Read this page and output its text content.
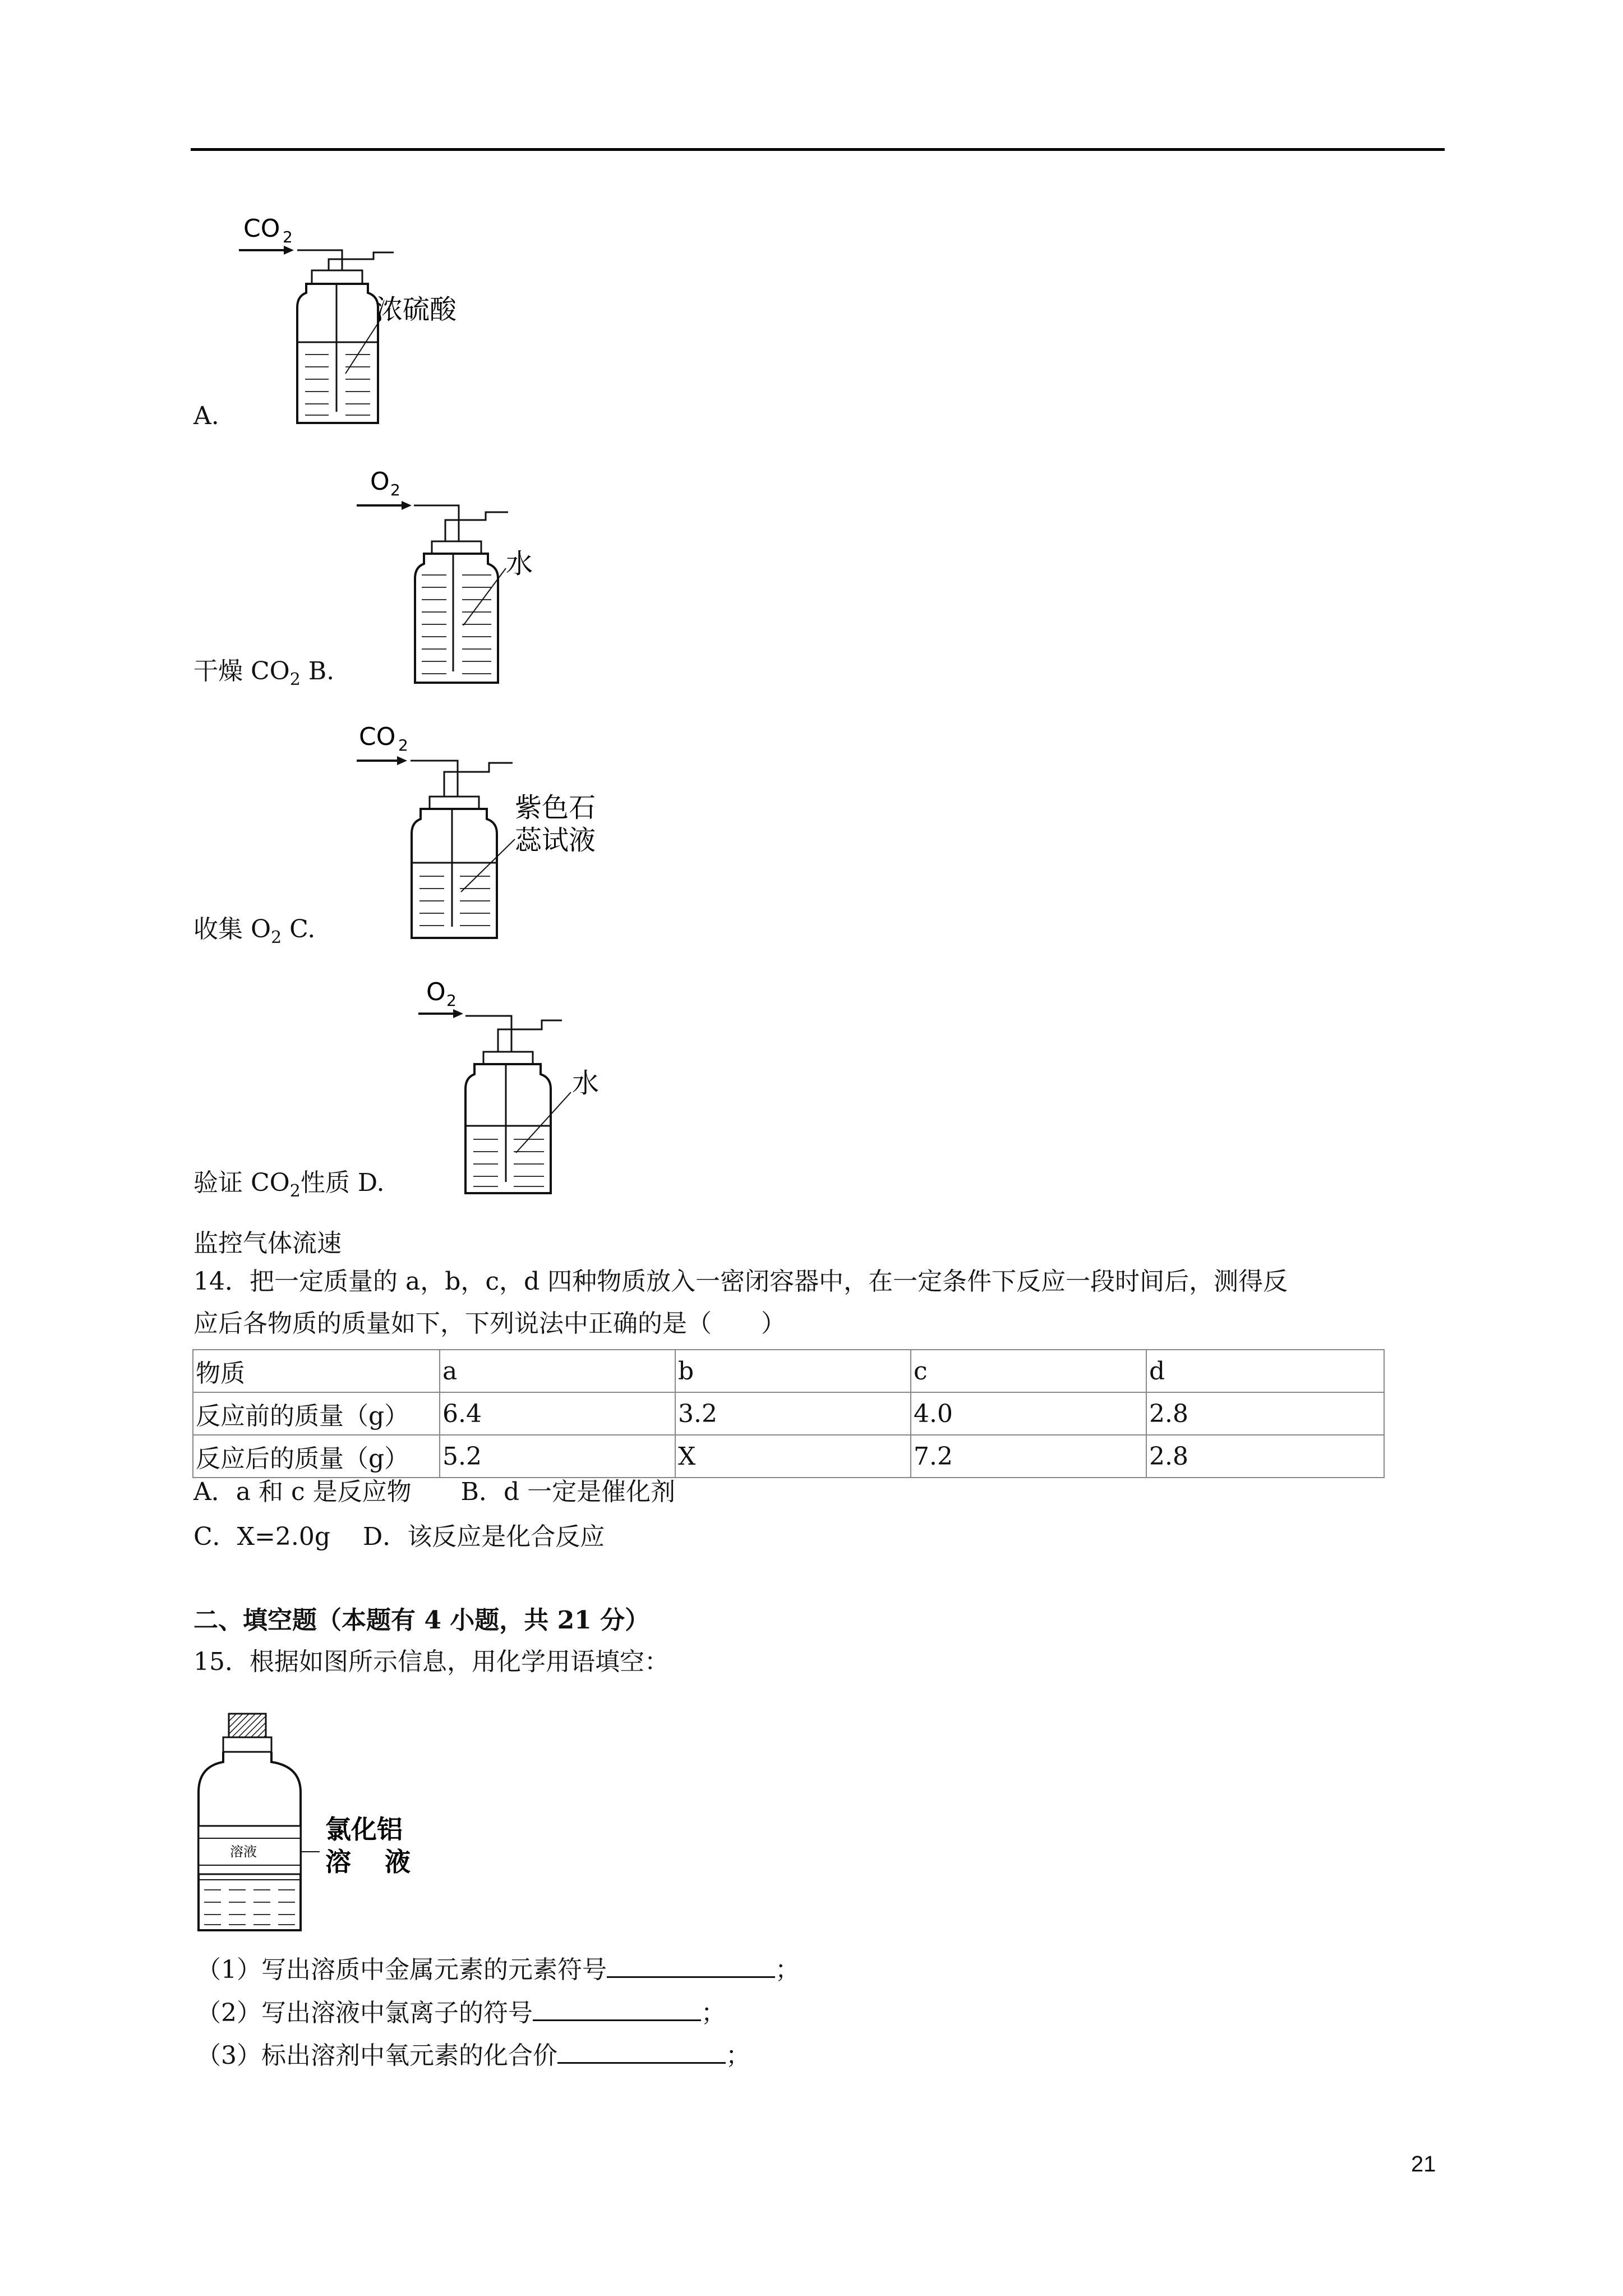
CO 2
浓硫酸
A.
O 2
水
干燥 $CO_2$ B.
CO 2
紫色石
蕊试液
收集 $O_2$ C.
O 2
水
验证 $CO_2$性质 D.
监控气体流速
14．把一定质量的 a，b，c，d 四种物质放入一密闭容器中，在一定条件下反应一段时间后，测得反
应后各物质的质量如下，下列说法中正确的是（　　）
物质	a	b	c	d
反应前的质量（g）	6.4	3.2	4.0	2.8
反应后的质量（g）	5.2	X	7.2	2.8
A．a 和 c 是反应物　　B．d 一定是催化剂
C．X=2.0g　 D．该反应是化合反应
二、填空题（本题有 4 小题，共 21 分）
15．根据如图所示信息，用化学用语填空：
溶液
氯化铝
溶 液
（1）写出溶质中金属元素的元素符号	；
（2）写出溶液中氯离子的符号	；
（3）标出溶剂中氧元素的化合价	；
21
